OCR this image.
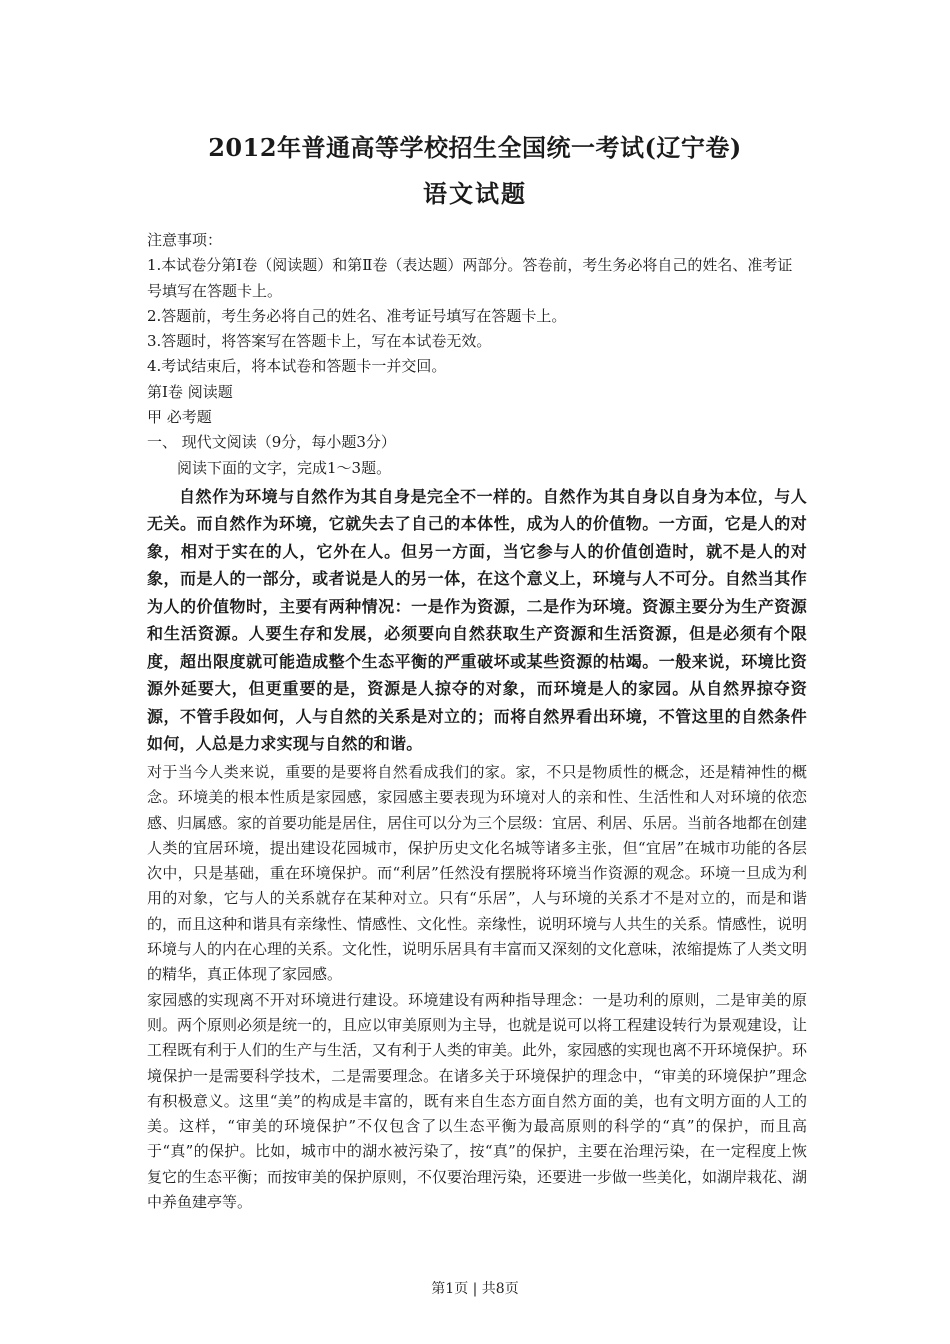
2012年普通高等学校招生全国统一考试(辽宁卷)
语文试题

注意事项：

1.本试卷分第Ⅰ卷（阅读题）和第Ⅱ卷（表达题）两部分。答卷前，考生务必将自己的姓名、准考证号填写在答题卡上。

2.答题前，考生务必将自己的姓名、准考证号填写在答题卡上。

3.答题时，将答案写在答题卡上，写在本试卷无效。

4.考试结束后，将本试卷和答题卡一并交回。

第Ⅰ卷 阅读题

甲 必考题

一、 现代文阅读（9分，每小题3分）

阅读下面的文字，完成1～3题。

自然作为环境与自然作为其自身是完全不一样的。自然作为其自身以自身为本位，与人无关。而自然作为环境，它就失去了自己的本体性，成为人的价值物。一方面，它是人的对象，相对于实在的人，它外在人。但另一方面，当它参与人的价值创造时，就不是人的对象，而是人的一部分，或者说是人的另一体，在这个意义上，环境与人不可分。自然当其作为人的价值物时，主要有两种情况：一是作为资源，二是作为环境。资源主要分为生产资源和生活资源。人要生存和发展，必须要向自然获取生产资源和生活资源，但是必须有个限度，超出限度就可能造成整个生态平衡的严重破坏或某些资源的枯竭。一般来说，环境比资源外延要大，但更重要的是，资源是人掠夺的对象，而环境是人的家园。从自然界掠夺资源，不管手段如何，人与自然的关系是对立的；而将自然界看出环境，不管这里的自然条件如何，人总是力求实现与自然的和谐。

对于当今人类来说，重要的是要将自然看成我们的家。家，不只是物质性的概念，还是精神性的概念。环境美的根本性质是家园感，家园感主要表现为环境对人的亲和性、生活性和人对环境的依恋感、归属感。家的首要功能是居住，居住可以分为三个层级：宜居、利居、乐居。当前各地都在创建人类的宜居环境，提出建设花园城市，保护历史文化名城等诸多主张，但“宜居”在城市功能的各层次中，只是基础，重在环境保护。而“利居”任然没有摆脱将环境当作资源的观念。环境一旦成为利用的对象，它与人的关系就存在某种对立。只有“乐居”，人与环境的关系才不是对立的，而是和谐的，而且这种和谐具有亲缘性、情感性、文化性。亲缘性，说明环境与人共生的关系。情感性，说明环境与人的内在心理的关系。文化性，说明乐居具有丰富而又深刻的文化意味，浓缩提炼了人类文明的精华，真正体现了家园感。

家园感的实现离不开对环境进行建设。环境建设有两种指导理念：一是功利的原则，二是审美的原则。两个原则必须是统一的，且应以审美原则为主导，也就是说可以将工程建设转行为景观建设，让工程既有利于人们的生产与生活，又有利于人类的审美。此外，家园感的实现也离不开环境保护。环境保护一是需要科学技术，二是需要理念。在诸多关于环境保护的理念中，“审美的环境保护”理念有积极意义。这里“美”的构成是丰富的，既有来自生态方面自然方面的美，也有文明方面的人工的美。这样，“审美的环境保护”不仅包含了以生态平衡为最高原则的科学的“真”的保护，而且高于“真”的保护。比如，城市中的湖水被污染了，按“真”的保护，主要在治理污染，在一定程度上恢复它的生态平衡；而按审美的保护原则，不仅要治理污染，还要进一步做一些美化，如湖岸栽花、湖中养鱼建亭等。

第1页 | 共8页
